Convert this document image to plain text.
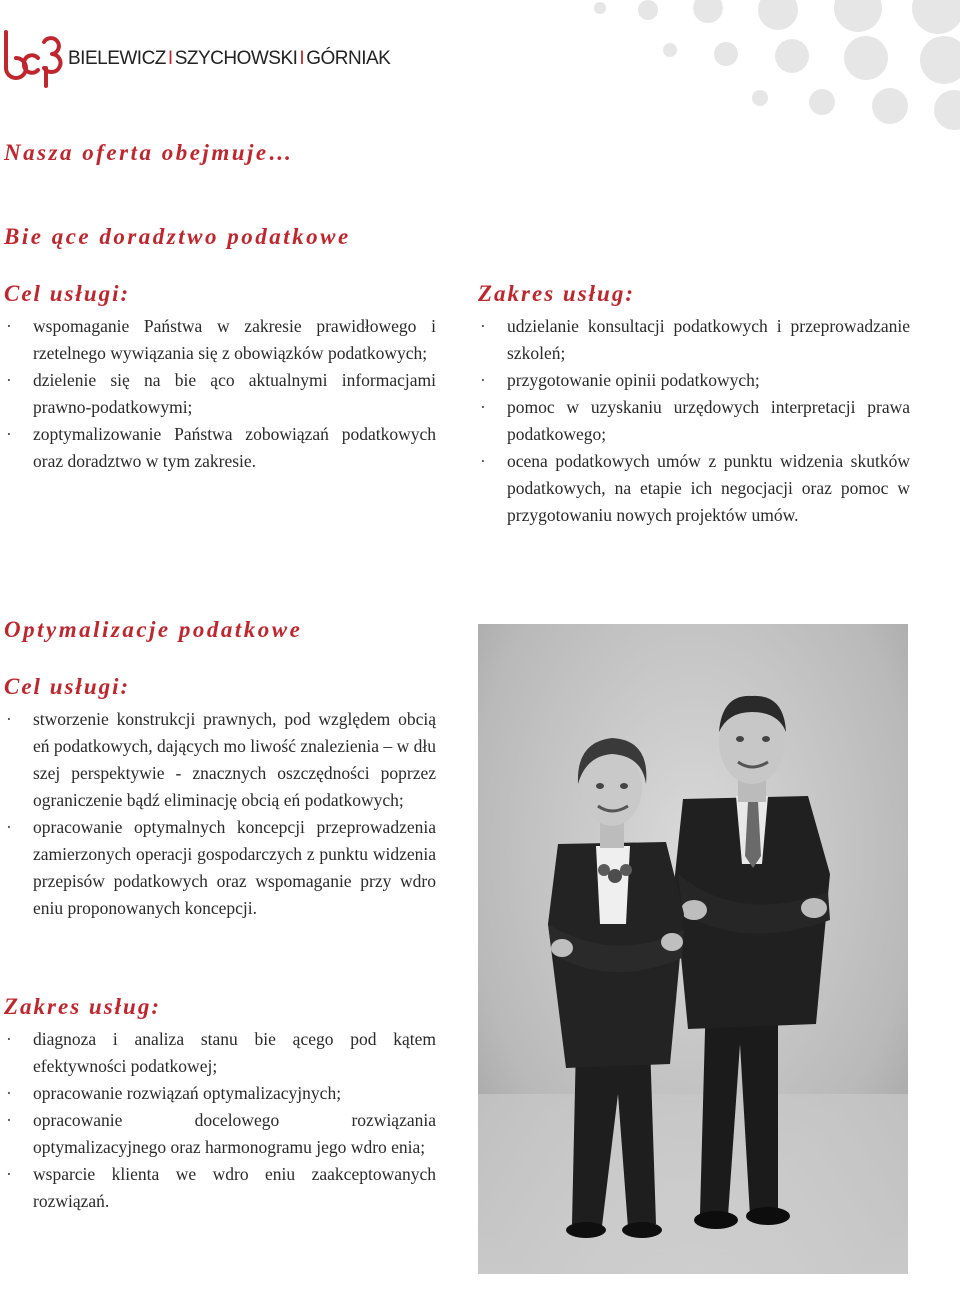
BIELEWICZ I SZYCHOWSKI I GÓRNIAK
Nasza oferta obejmuje…
Bie ące doradztwo podatkowe
Cel usługi:
· wspomaganie Państwa w zakresie prawidłowego i rzetelnego wywiązania się z obowiązków podatkowych;
· dzielenie się na bie ąco aktualnymi informacjami prawno-podatkowymi;
· zoptymalizowanie Państwa zobowiązań podatkowych oraz doradztwo w tym zakresie.
Zakres usług:
· udzielanie konsultacji podatkowych i przeprowadzanie szkoleń;
· przygotowanie opinii podatkowych;
· pomoc w uzyskaniu urzędowych interpretacji prawa podatkowego;
· ocena podatkowych umów z punktu widzenia skutków podatkowych, na etapie ich negocjacji oraz pomoc w przygotowaniu nowych projektów umów.
Optymalizacje podatkowe
Cel usługi:
· stworzenie konstrukcji prawnych, pod względem obcią eń podatkowych, dających mo liwość znalezienia – w dłu szej perspektywie - znacznych oszczędności poprzez ograniczenie bądź eliminację obcią eń podatkowych;
· opracowanie optymalnych koncepcji przeprowadzenia zamierzonych operacji gospodarczych z punktu widzenia przepisów podatkowych oraz wspomaganie przy wdro eniu proponowanych koncepcji.
Zakres usług:
· diagnoza i analiza stanu bie ącego pod kątem efektywności podatkowej;
· opracowanie rozwiązań optymalizacyjnych;
· opracowanie docelowego rozwiązania optymalizacyjnego oraz harmonogramu jego wdro enia;
· wsparcie klienta we wdro eniu zaakceptowanych rozwiązań.
